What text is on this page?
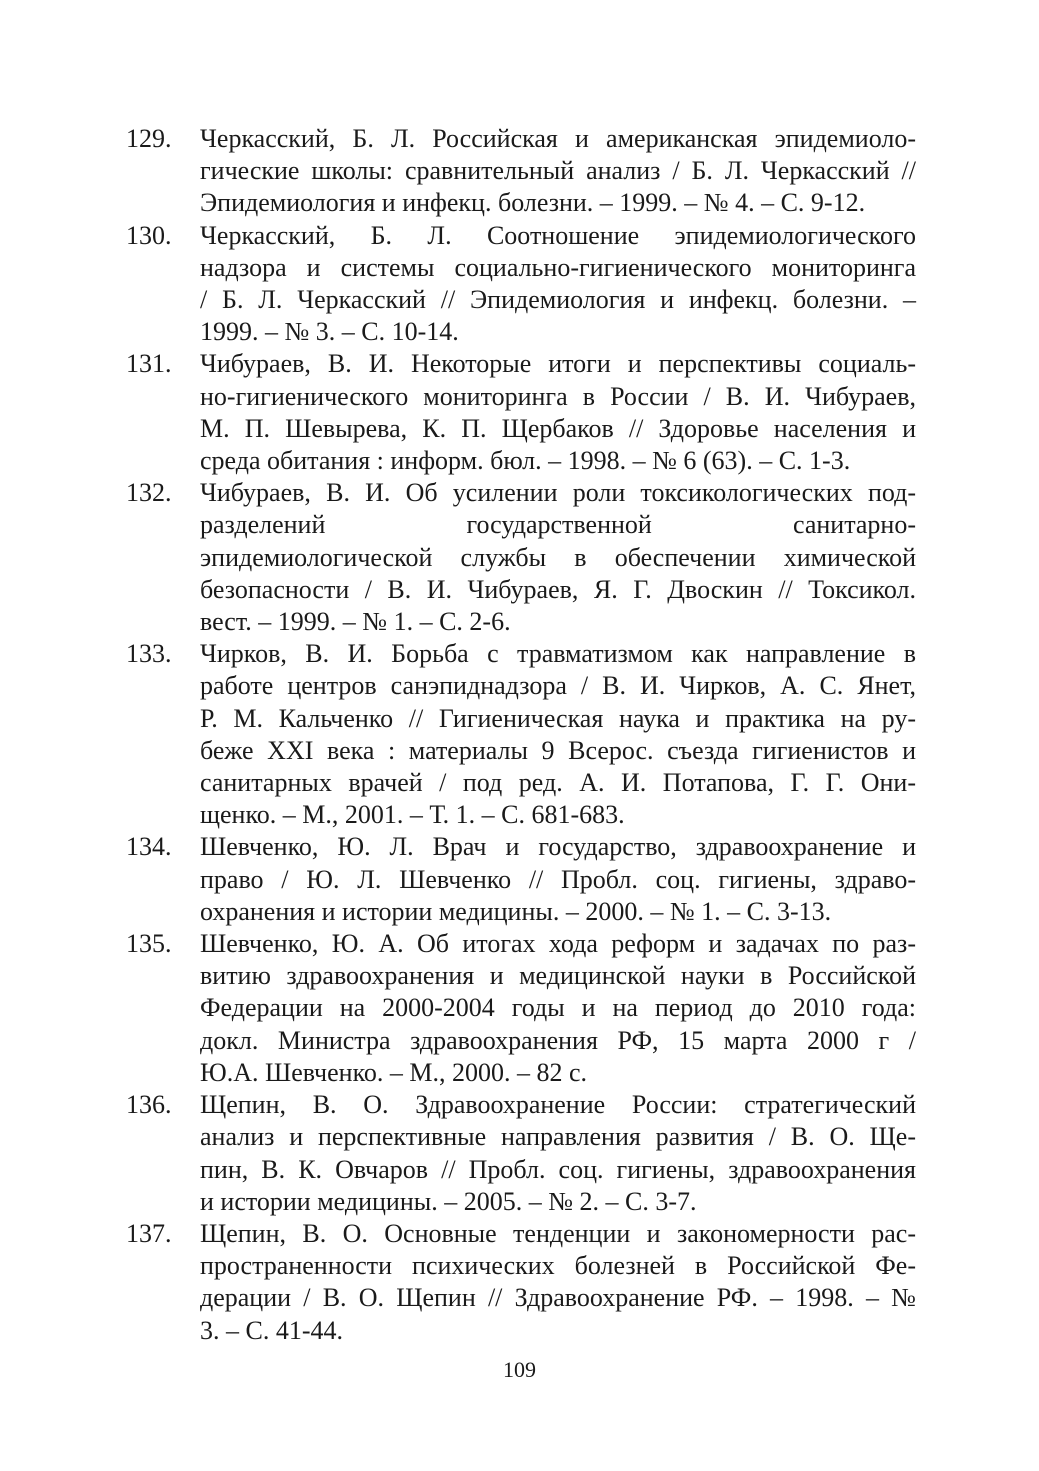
129.	Черкасский, Б. Л. Российская и американская эпидемиоло-
гические школы: сравнительный анализ / Б. Л. Черкасский //
Эпидемиология и инфекц. болезни. – 1999. – № 4. – С. 9-12.
130.	Черкасский, Б. Л. Соотношение эпидемиологического
надзора и системы социально-гигиенического мониторинга
/ Б. Л. Черкасский // Эпидемиология и инфекц. болезни. –
1999. – № 3. – С. 10-14.
131.	Чибураев, В. И. Некоторые итоги и перспективы социаль-
но-гигиенического мониторинга в России / В. И. Чибураев,
М. П. Шевырева, К. П. Щербаков // Здоровье населения и
среда обитания : информ. бюл. – 1998. – № 6 (63). – С. 1-3.
132.	Чибураев, В. И. Об усилении роли токсикологических под-
разделений государственной санитарно-
эпидемиологической службы в обеспечении химической
безопасности / В. И. Чибураев, Я. Г. Двоскин // Токсикол.
вест. – 1999. – № 1. – С. 2-6.
133.	Чирков, В. И. Борьба с травматизмом как направление в
работе центров санэпиднадзора / В. И. Чирков, А. С. Янет,
Р. М. Кальченко // Гигиеническая наука и практика на ру-
беже XXI века : материалы 9 Всерос. съезда гигиенистов и
санитарных врачей / под ред. А. И. Потапова, Г. Г. Они-
щенко. – М., 2001. – Т. 1. – С. 681-683.
134.	Шевченко, Ю. Л. Врач и государство, здравоохранение и
право / Ю. Л. Шевченко // Пробл. соц. гигиены, здраво-
охранения и истории медицины. – 2000. – № 1. – С. 3-13.
135.	Шевченко, Ю. А. Об итогах хода реформ и задачах по раз-
витию здравоохранения и медицинской науки в Российской
Федерации на 2000-2004 годы и на период до 2010 года:
докл. Министра здравоохранения РФ, 15 марта 2000 г /
Ю.А. Шевченко. – М., 2000. – 82 с.
136.	Щепин, В. О. Здравоохранение России: стратегический
анализ и перспективные направления развития / В. О. Ще-
пин, В. К. Овчаров // Пробл. соц. гигиены, здравоохранения
и истории медицины. – 2005. – № 2. – С. 3-7.
137.	Щепин, В. О. Основные тенденции и закономерности рас-
пространенности психических болезней в Российской Фе-
дерации / В. О. Щепин // Здравоохранение РФ. – 1998. – №
3. – С. 41-44.
109
